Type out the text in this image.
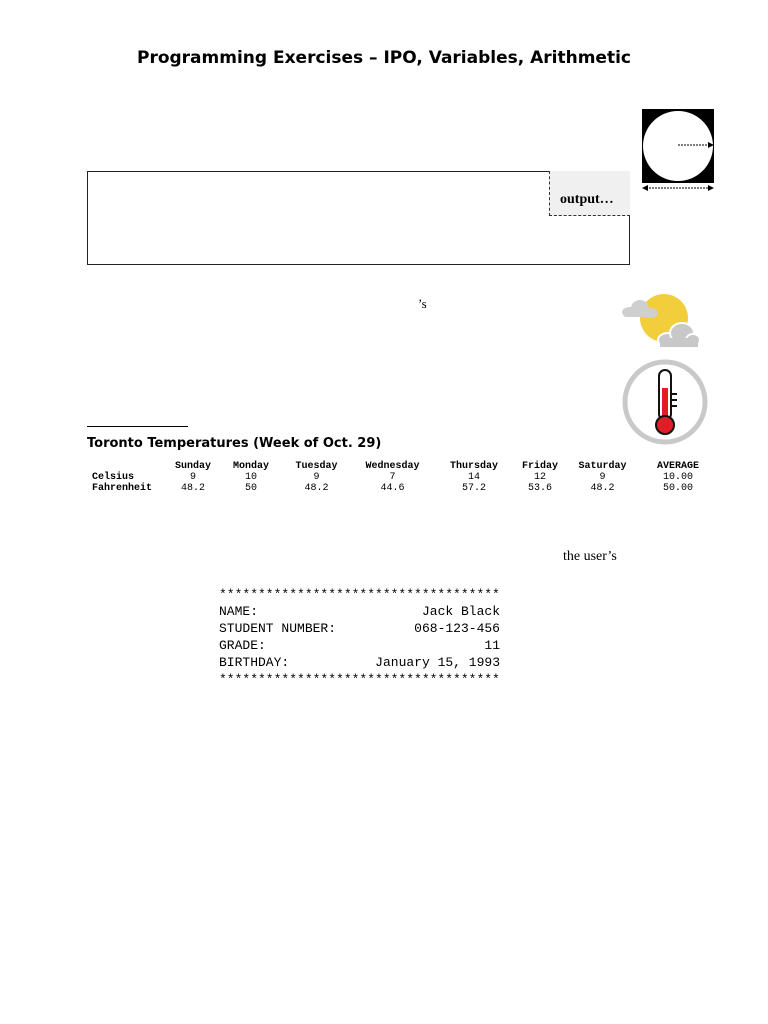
Programming Exercises – IPO, Variables, Arithmetic
output…
’s
Toronto Temperatures (Week of Oct. 29)
	Sunday	Monday	Tuesday	Wednesday	Thursday	Friday	Saturday	AVERAGE
Celsius	9	10	9	7	14	12	9	10.00
Fahrenheit	48.2	50	48.2	44.6	57.2	53.6	48.2	50.00
the user’s
************************************
NAME:	Jack Black
STUDENT NUMBER:	068-123-456
GRADE:	11
BIRTHDAY:	January 15, 1993
************************************
